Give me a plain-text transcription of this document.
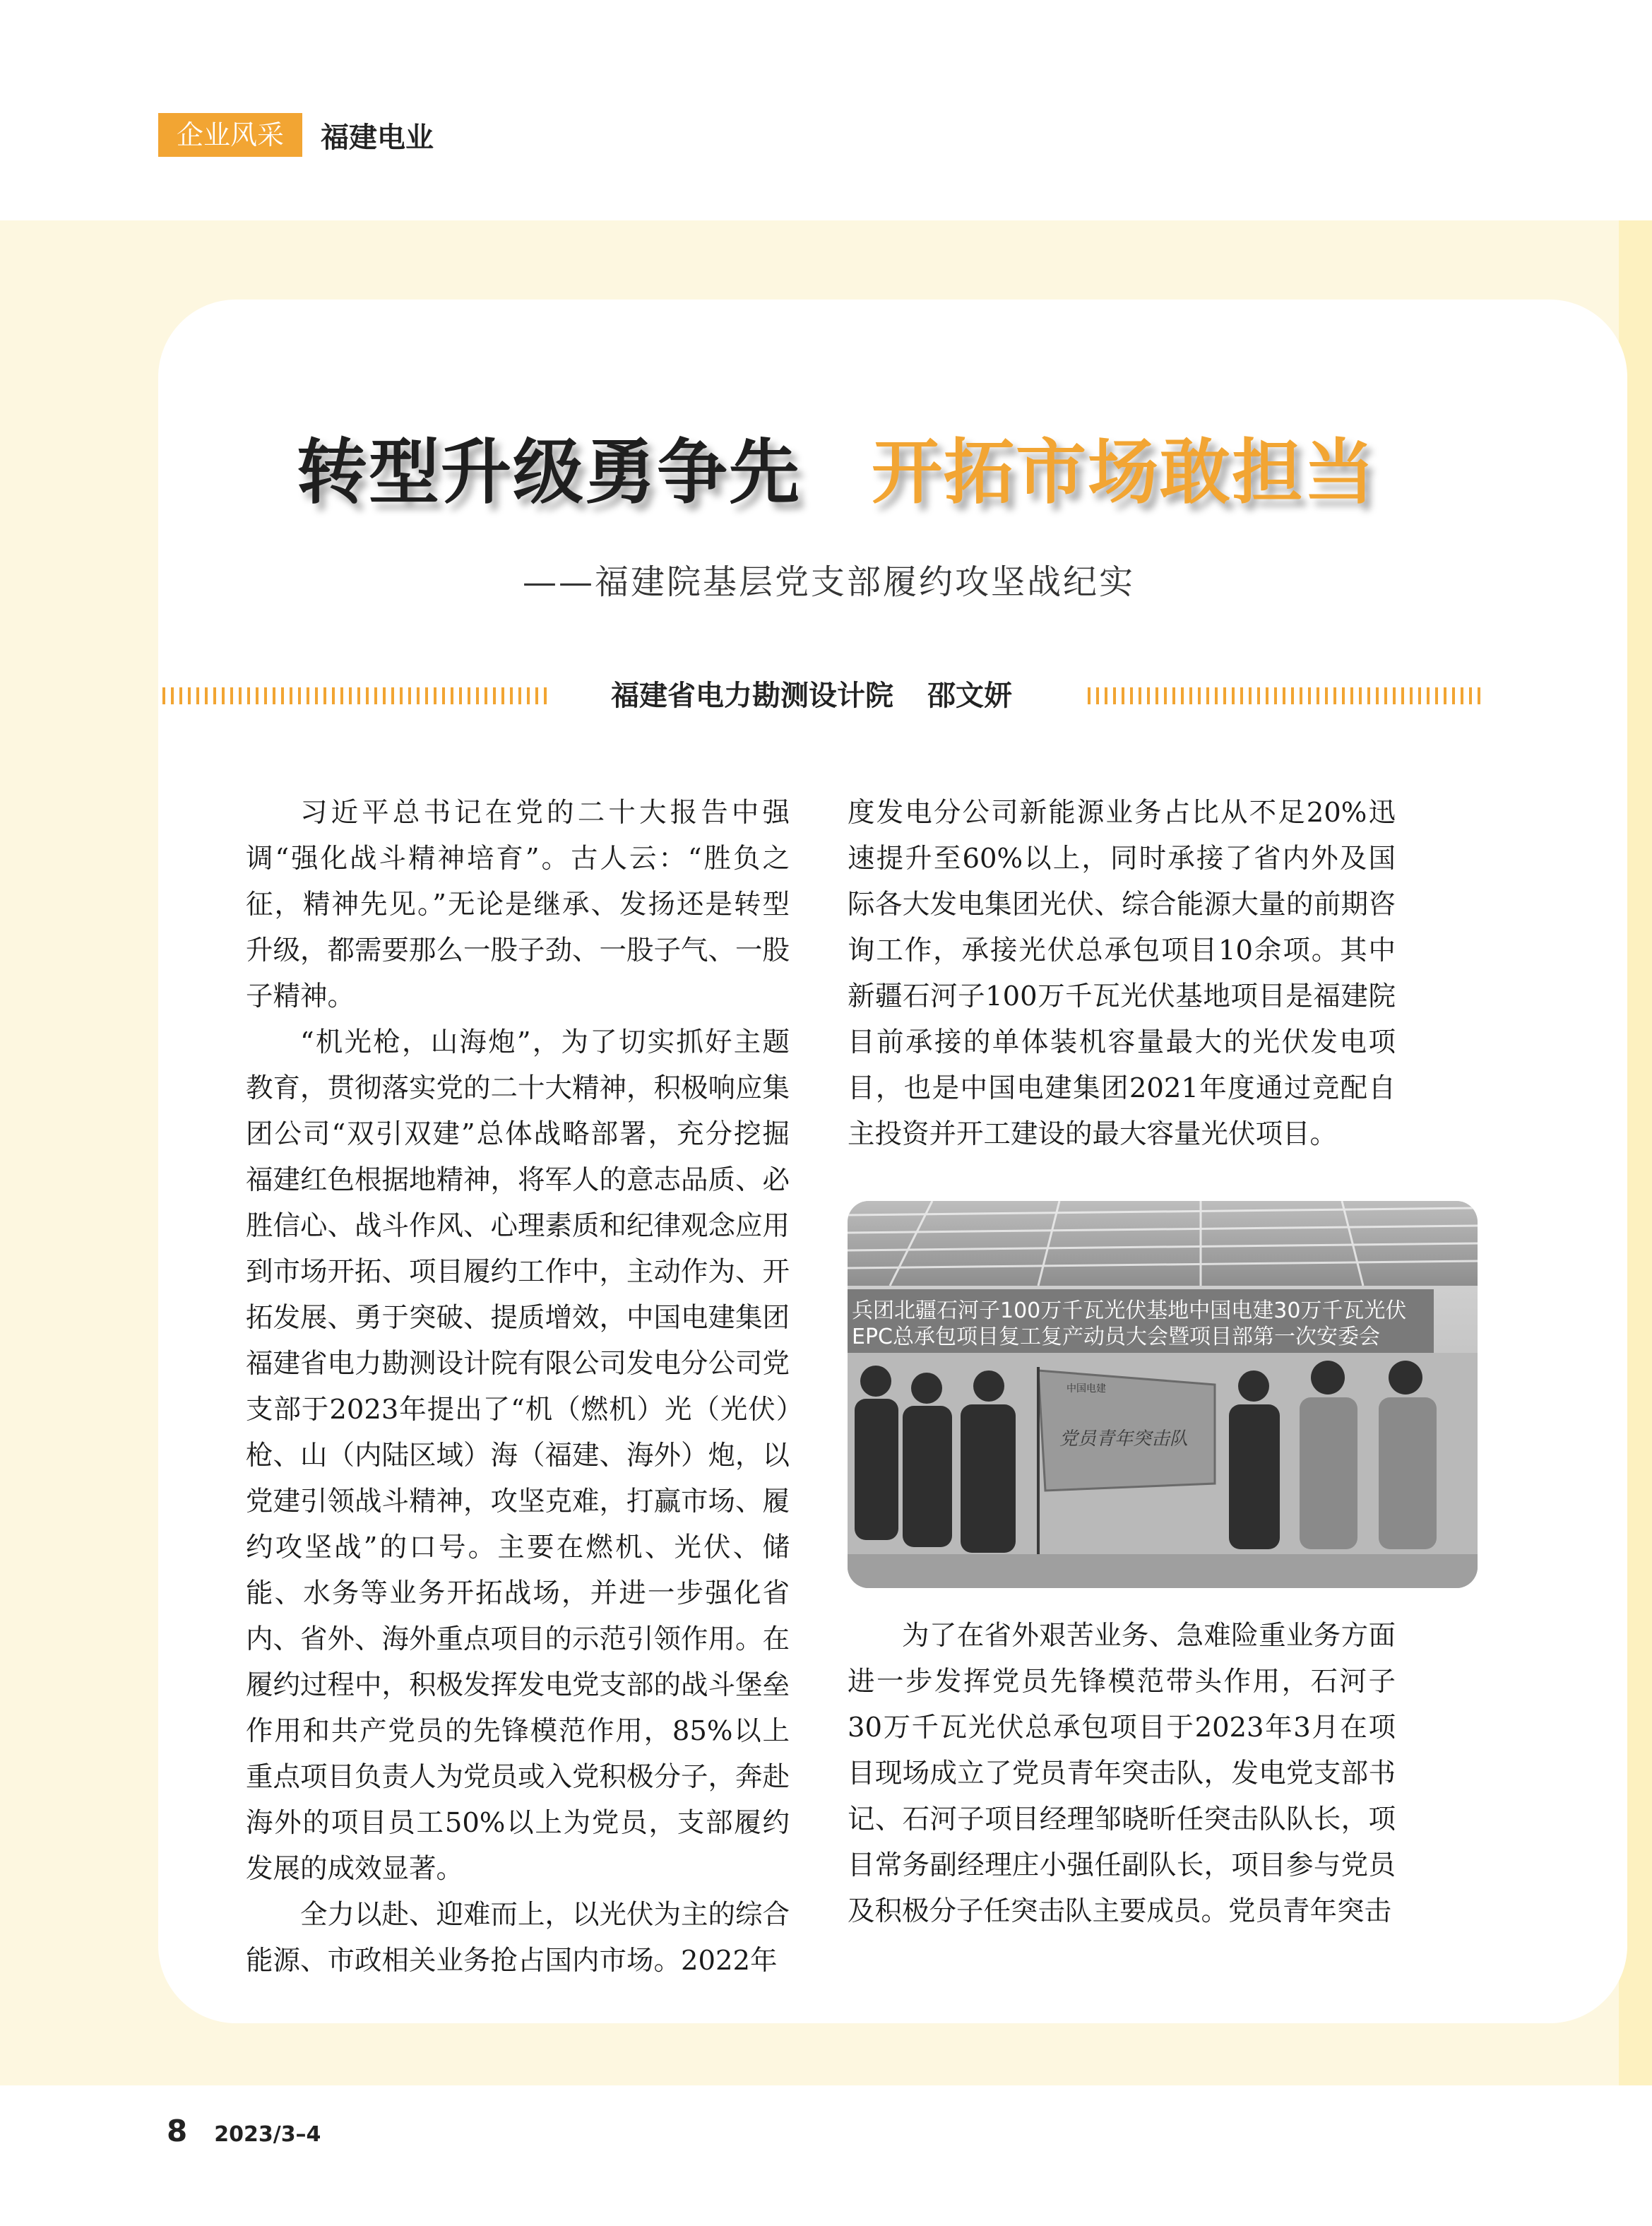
企业风采	福建电业
转型升级勇争先 开拓市场敢担当
——福建院基层党支部履约攻坚战纪实
福建省电力勘测设计院 邵文妍

习近平总书记在党的二十大报告中强调“强化战斗精神培育”。古人云：“胜负之征，精神先见。”无论是继承、发扬还是转型升级，都需要那么一股子劲、一股子气、一股子精神。

“机光枪，山海炮”，为了切实抓好主题教育，贯彻落实党的二十大精神，积极响应集团公司“双引双建”总体战略部署，充分挖掘福建红色根据地精神，将军人的意志品质、必胜信心、战斗作风、心理素质和纪律观念应用到市场开拓、项目履约工作中，主动作为、开拓发展、勇于突破、提质增效，中国电建集团福建省电力勘测设计院有限公司发电分公司党支部于2023年提出了“机（燃机）光（光伏）枪、山（内陆区域）海（福建、海外）炮，以党建引领战斗精神，攻坚克难，打赢市场、履约攻坚战”的口号。主要在燃机、光伏、储能、水务等业务开拓战场，并进一步强化省内、省外、海外重点项目的示范引领作用。在履约过程中，积极发挥发电党支部的战斗堡垒作用和共产党员的先锋模范作用，85%以上重点项目负责人为党员或入党积极分子，奔赴海外的项目员工50%以上为党员，支部履约发展的成效显著。

全力以赴、迎难而上，以光伏为主的综合能源、市政相关业务抢占国内市场。2022年

度发电分公司新能源业务占比从不足20%迅速提升至60%以上，同时承接了省内外及国际各大发电集团光伏、综合能源大量的前期咨询工作，承接光伏总承包项目10余项。其中新疆石河子100万千瓦光伏基地项目是福建院目前承接的单体装机容量最大的光伏发电项目，也是中国电建集团2021年度通过竞配自主投资并开工建设的最大容量光伏项目。

兵团北疆石河子100万千瓦光伏基地中国电建30万千瓦光伏
EPC总承包项目复工复产动员大会暨项目部第一次安委会
中国电建
党员青年突击队

为了在省外艰苦业务、急难险重业务方面进一步发挥党员先锋模范带头作用，石河子30万千瓦光伏总承包项目于2023年3月在项目现场成立了党员青年突击队，发电党支部书记、石河子项目经理邹晓昕任突击队队长，项目常务副经理庄小强任副队长，项目参与党员及积极分子任突击队主要成员。党员青年突击

8 2023/3–4
